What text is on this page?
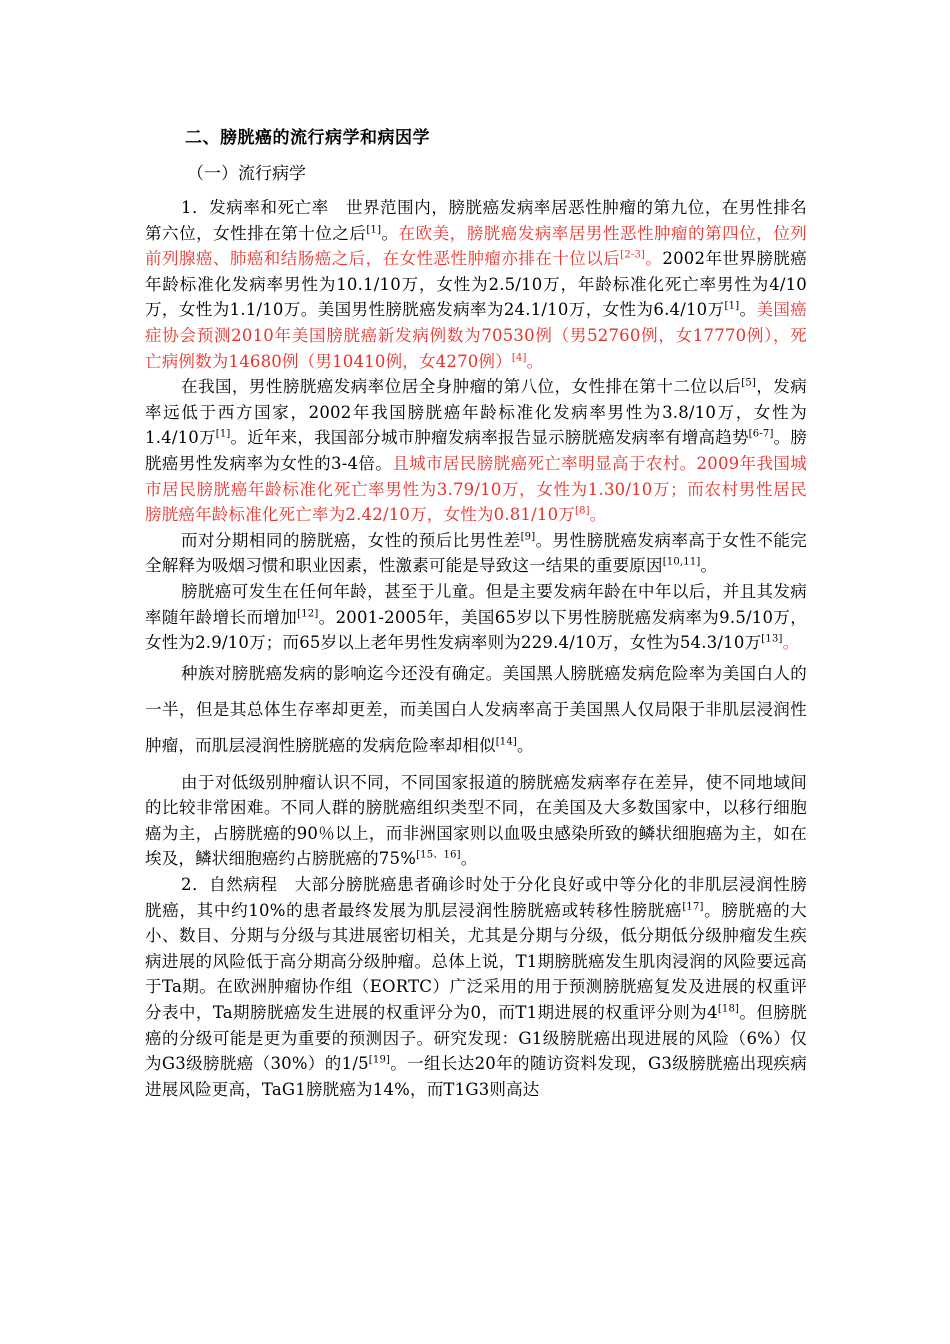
二、膀胱癌的流行病学和病因学
（一）流行病学

1．发病率和死亡率　世界范围内，膀胱癌发病率居恶性肿瘤的第九位，在男性排名第六位，女性排在第十位之后[1]。在欧美，膀胱癌发病率居男性恶性肿瘤的第四位，位列前列腺癌、肺癌和结肠癌之后，在女性恶性肿瘤亦排在十位以后[2-3]。2002年世界膀胱癌年龄标准化发病率男性为10.1/10万，女性为2.5/10万，年龄标准化死亡率男性为4/10万，女性为1.1/10万。美国男性膀胱癌发病率为24.1/10万，女性为6.4/10万[1]。美国癌症协会预测2010年美国膀胱癌新发病例数为70530例（男52760例，女17770例），死亡病例数为14680例（男10410例，女4270例）[4]。

在我国，男性膀胱癌发病率位居全身肿瘤的第八位，女性排在第十二位以后[5]，发病率远低于西方国家，2002年我国膀胱癌年龄标准化发病率男性为3.8/10万，女性为1.4/10万[1]。近年来，我国部分城市肿瘤发病率报告显示膀胱癌发病率有增高趋势[6-7]。膀胱癌男性发病率为女性的3-4倍。且城市居民膀胱癌死亡率明显高于农村。2009年我国城市居民膀胱癌年龄标准化死亡率男性为3.79/10万，女性为1.30/10万；而农村男性居民膀胱癌年龄标准化死亡率为2.42/10万，女性为0.81/10万[8]。

而对分期相同的膀胱癌，女性的预后比男性差[9]。男性膀胱癌发病率高于女性不能完全解释为吸烟习惯和职业因素，性激素可能是导致这一结果的重要原因[10,11]。

膀胱癌可发生在任何年龄，甚至于儿童。但是主要发病年龄在中年以后，并且其发病率随年龄增长而增加[12]。2001-2005年，美国65岁以下男性膀胱癌发病率为9.5/10万，女性为2.9/10万；而65岁以上老年男性发病率则为229.4/10万，女性为54.3/10万[13]。

种族对膀胱癌发病的影响迄今还没有确定。美国黑人膀胱癌发病危险率为美国白人的一半，但是其总体生存率却更差，而美国白人发病率高于美国黑人仅局限于非肌层浸润性肿瘤，而肌层浸润性膀胱癌的发病危险率却相似[14]。

由于对低级别肿瘤认识不同，不同国家报道的膀胱癌发病率存在差异，使不同地域间的比较非常困难。不同人群的膀胱癌组织类型不同，在美国及大多数国家中，以移行细胞癌为主，占膀胱癌的90％以上，而非洲国家则以血吸虫感染所致的鳞状细胞癌为主，如在埃及，鳞状细胞癌约占膀胱癌的75%[15、16]。

2．自然病程　大部分膀胱癌患者确诊时处于分化良好或中等分化的非肌层浸润性膀胱癌，其中约10%的患者最终发展为肌层浸润性膀胱癌或转移性膀胱癌[17]。膀胱癌的大小、数目、分期与分级与其进展密切相关，尤其是分期与分级，低分期低分级肿瘤发生疾病进展的风险低于高分期高分级肿瘤。总体上说，T1期膀胱癌发生肌肉浸润的风险要远高于Ta期。在欧洲肿瘤协作组（EORTC）广泛采用的用于预测膀胱癌复发及进展的权重评分表中，Ta期膀胱癌发生进展的权重评分为0，而T1期进展的权重评分则为4[18]。但膀胱癌的分级可能是更为重要的预测因子。研究发现：G1级膀胱癌出现进展的风险（6%）仅为G3级膀胱癌（30%）的1/5[19]。一组长达20年的随访资料发现，G3级膀胱癌出现疾病进展风险更高，TaG1膀胱癌为14%，而T1G3则高达
